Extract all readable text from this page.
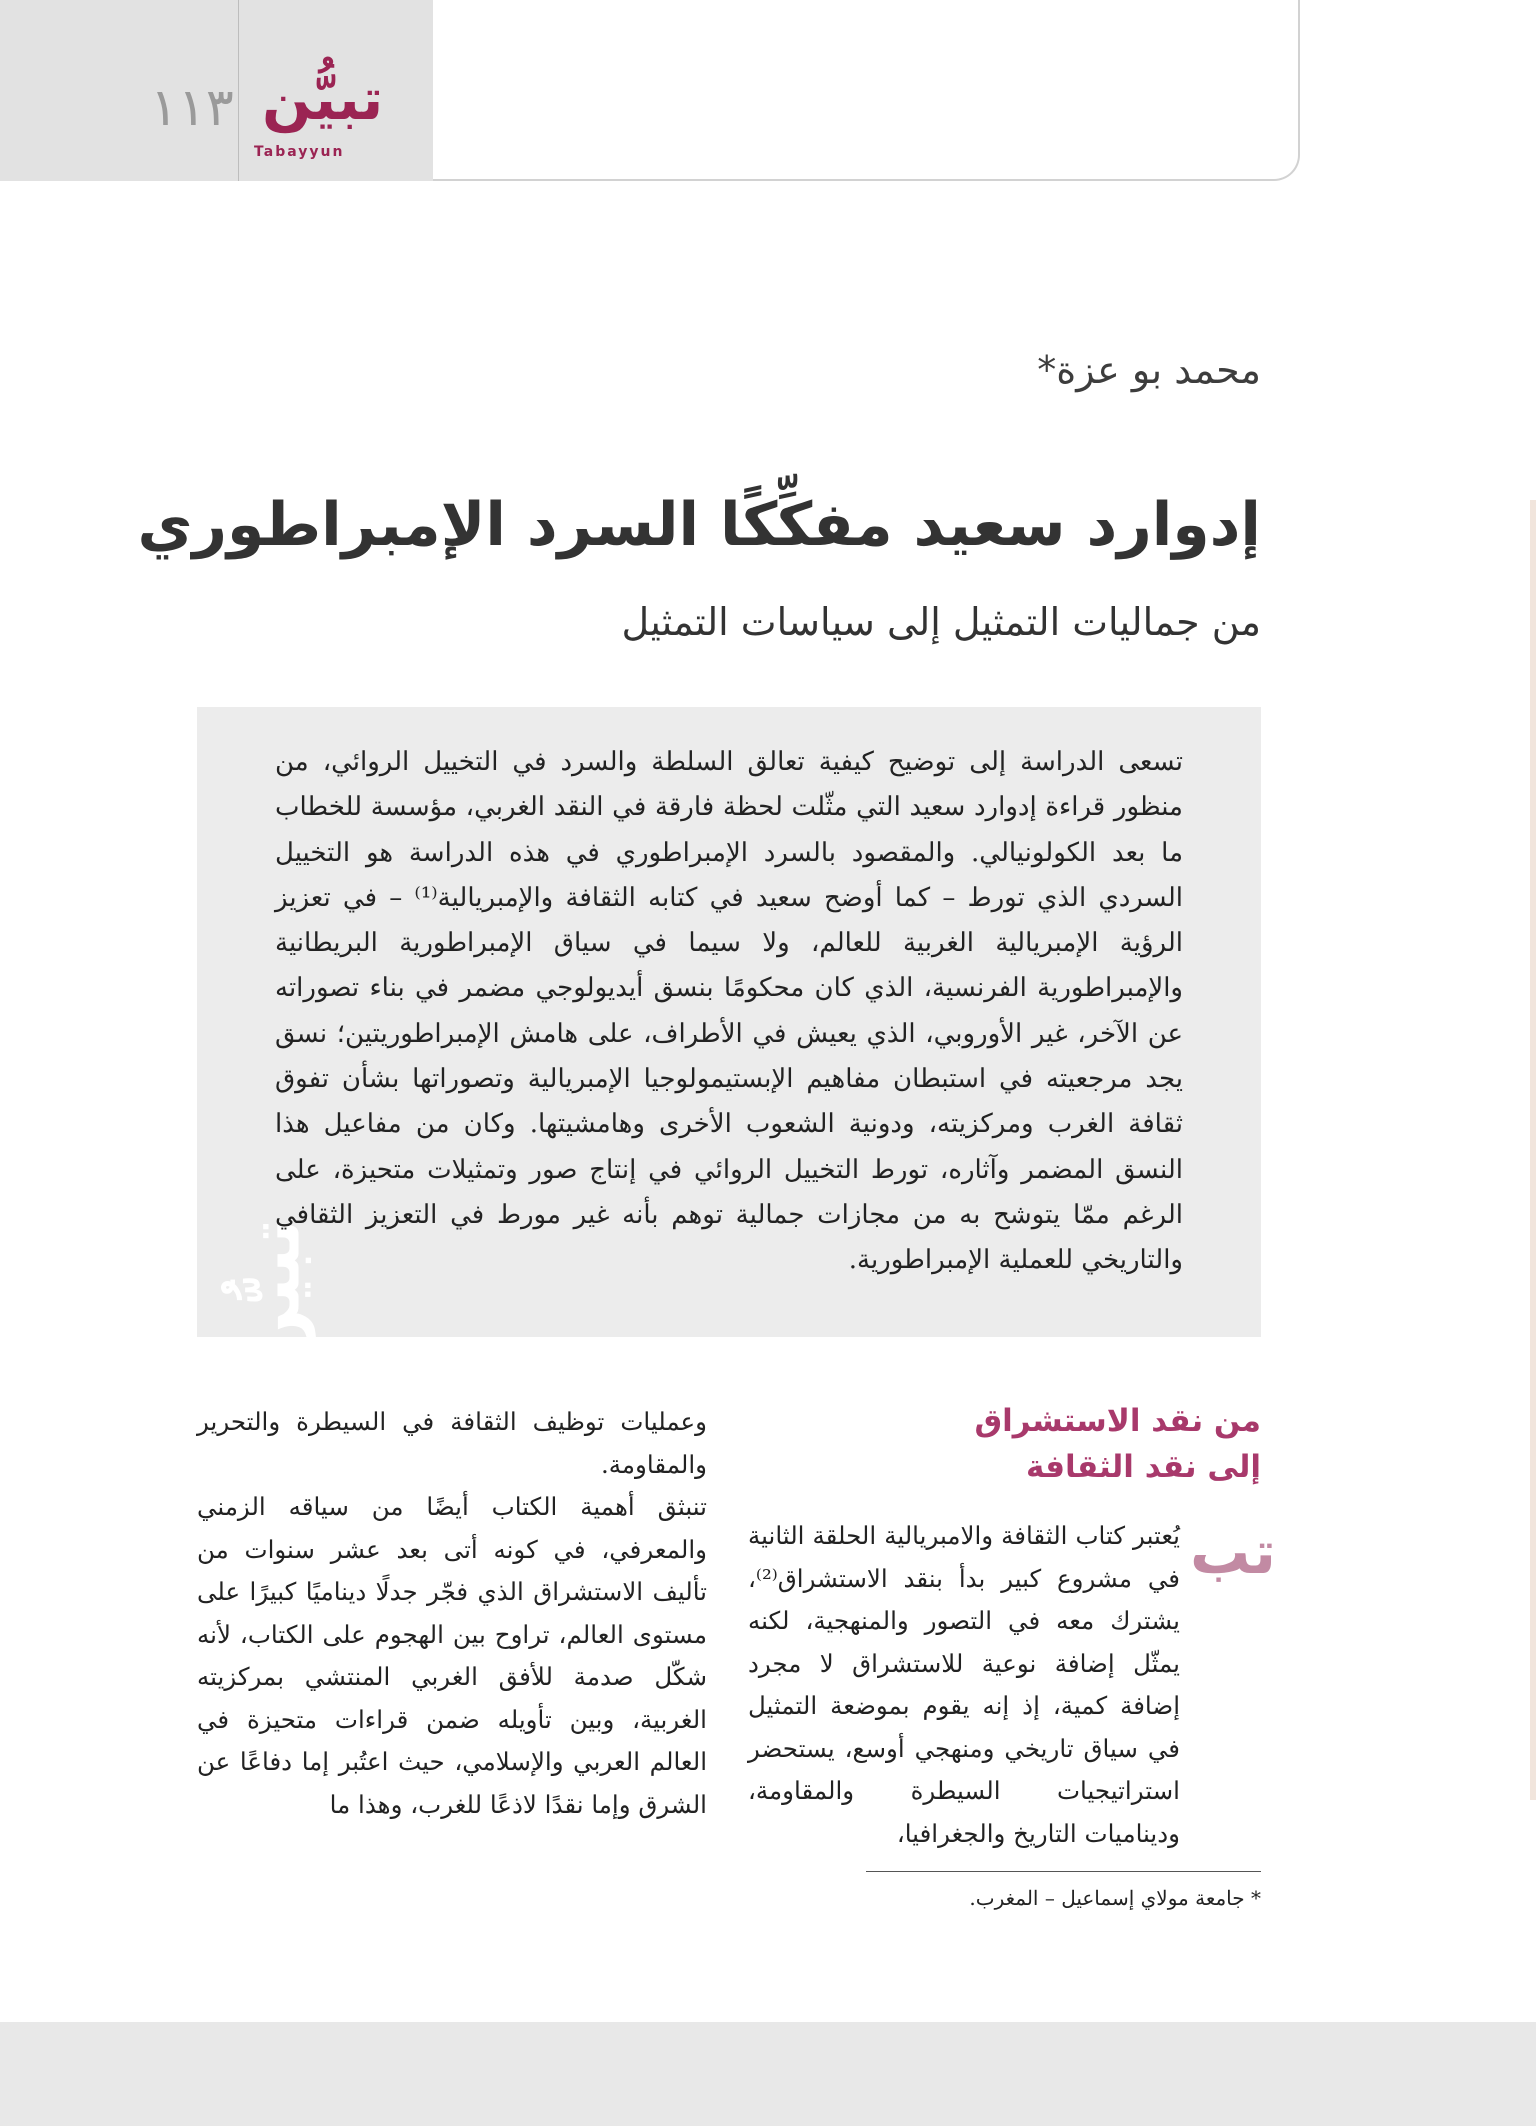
١١٣ تبيُّن
Tabayyun
محمد بو عزة*
إدوارد سعيد مفكِّكًا السرد الإمبراطوري
من جماليات التمثيل إلى سياسات التمثيل
تبيُّن

تسعى الدراسة إلى توضيح كيفية تعالق السلطة والسرد في التخييل الروائي، من منظور قراءة إدوارد سعيد التي مثّلت لحظة فارقة في النقد الغربي، مؤسسة للخطاب ما بعد الكولونيالي. والمقصود بالسرد الإمبراطوري في هذه الدراسة هو التخييل السردي الذي تورط – كما أوضح سعيد في كتابه الثقافة والإمبريالية⁽¹⁾ – في تعزيز الرؤية الإمبريالية الغربية للعالم، ولا سيما في سياق الإمبراطورية البريطانية والإمبراطورية الفرنسية، الذي كان محكومًا بنسق أيديولوجي مضمر في بناء تصوراته عن الآخر، غير الأوروبي، الذي يعيش في الأطراف، على هامش الإمبراطوريتين؛ نسق يجد مرجعيته في استبطان مفاهيم الإبستيمولوجيا الإمبريالية وتصوراتها بشأن تفوق ثقافة الغرب ومركزيته، ودونية الشعوب الأخرى وهامشيتها. وكان من مفاعيل هذا النسق المضمر وآثاره، تورط التخييل الروائي في إنتاج صور وتمثيلات متحيزة، على الرغم ممّا يتوشح به من مجازات جمالية توهم بأنه غير مورط في التعزيز الثقافي والتاريخي للعملية الإمبراطورية.

من نقد الاستشراق
إلى نقد الثقافة
تب

يُعتبر كتاب الثقافة والامبريالية الحلقة الثانية في مشروع كبير بدأ بنقد الاستشراق⁽²⁾، يشترك معه في التصور والمنهجية، لكنه يمثّل إضافة نوعية للاستشراق لا مجرد إضافة كمية، إذ إنه يقوم بموضعة التمثيل في سياق تاريخي ومنهجي أوسع، يستحضر استراتيجيات السيطرة والمقاومة، وديناميات التاريخ والجغرافيا،

وعمليات توظيف الثقافة في السيطرة والتحرير والمقاومة.

تنبثق أهمية الكتاب أيضًا من سياقه الزمني والمعرفي، في كونه أتى بعد عشر سنوات من تأليف الاستشراق الذي فجّر جدلًا ديناميًا كبيرًا على مستوى العالم، تراوح بين الهجوم على الكتاب، لأنه شكّل صدمة للأفق الغربي المنتشي بمركزيته الغربية، وبين تأويله ضمن قراءات متحيزة في العالم العربي والإسلامي، حيث اعتُبر إما دفاعًا عن الشرق وإما نقدًا لاذعًا للغرب، وهذا ما

* جامعة مولاي إسماعيل – المغرب.
